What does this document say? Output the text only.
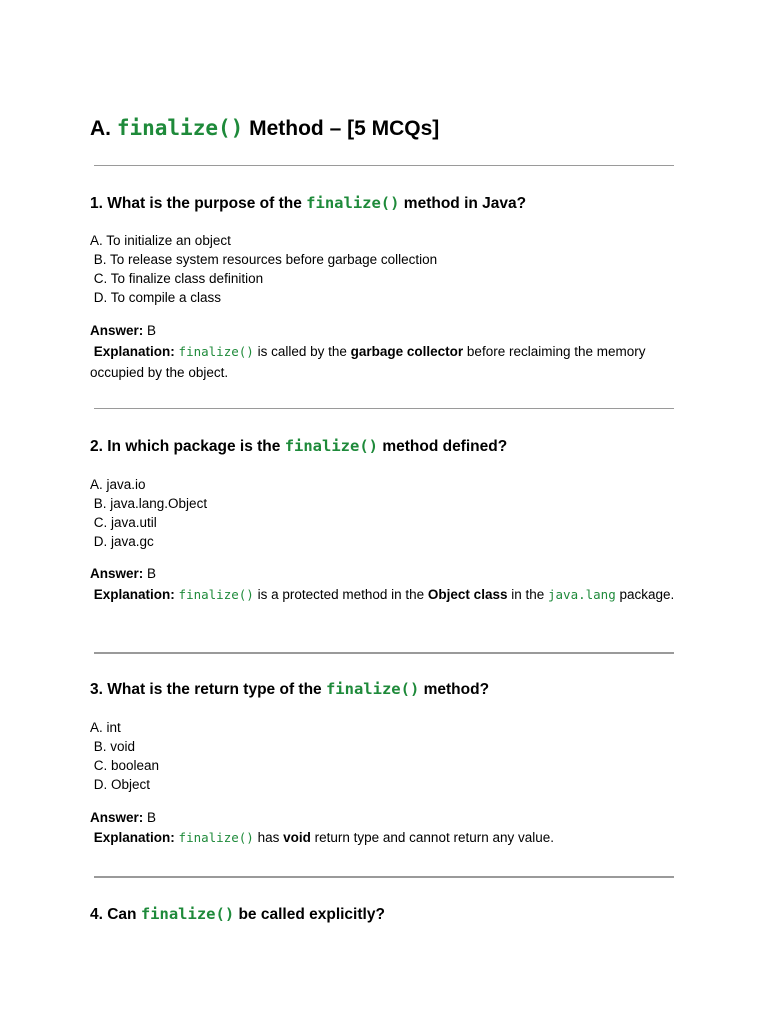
A. finalize() Method – [5 MCQs]
1. What is the purpose of the finalize() method in Java?
A. To initialize an object
B. To release system resources before garbage collection
C. To finalize class definition
D. To compile a class
Answer: B
Explanation: finalize() is called by the garbage collector before reclaiming the memory occupied by the object.
2. In which package is the finalize() method defined?
A. java.io
B. java.lang.Object
C. java.util
D. java.gc
Answer: B
Explanation: finalize() is a protected method in the Object class in the java.lang package.
3. What is the return type of the finalize() method?
A. int
B. void
C. boolean
D. Object
Answer: B
Explanation: finalize() has void return type and cannot return any value.
4. Can finalize() be called explicitly?
